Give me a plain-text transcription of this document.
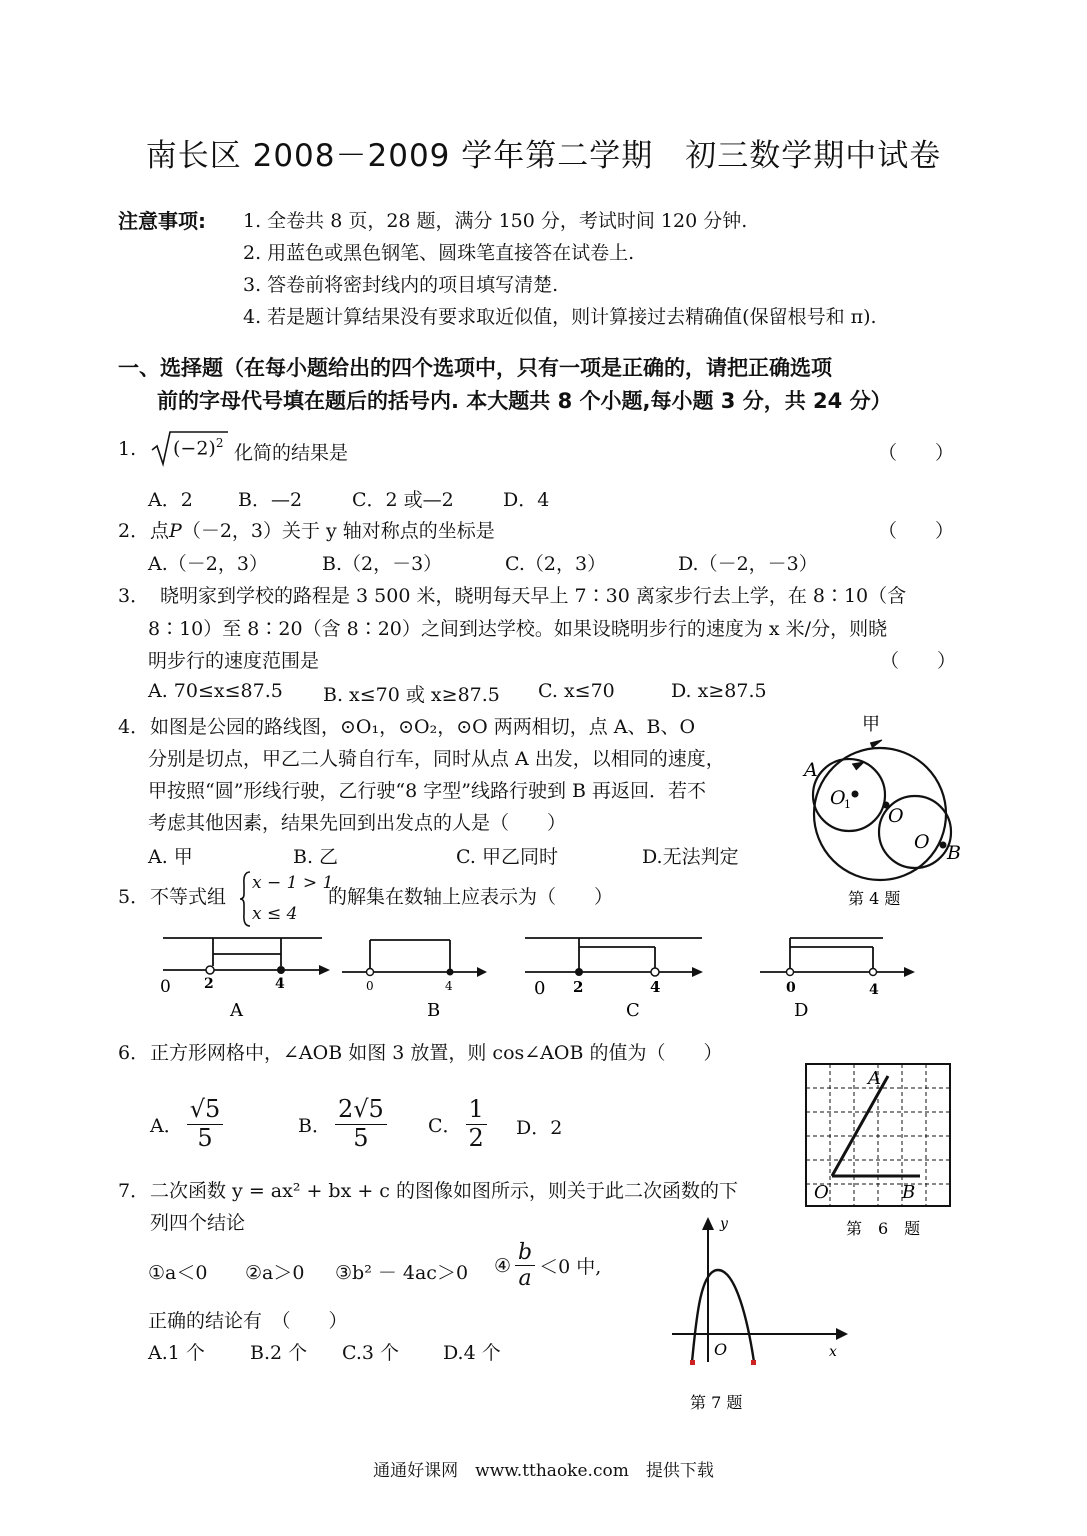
南长区 2008－2009 学年第二学期　初三数学期中试卷
注意事项: 1. 全卷共 8 页，28 题，满分 150 分，考试时间 120 分钟.
2. 用蓝色或黑色钢笔、圆珠笔直接答在试卷上.
3. 答卷前将密封线内的项目填写清楚.
4. 若是题计算结果没有要求取近似值，则计算接过去精确值(保留根号和 π).
一、选择题（在每小题给出的四个选项中，只有一项是正确的，请把正确选项
前的字母代号填在题后的括号内. 本大题共 8 个小题,每小题 3 分，共 24 分）
1. $(-2)^2$ 化简的结果是	（　　）
A．2 B．—2	C．2 或—2	D．4
2． 点P（－2，3）关于 y 轴对称点的坐标是	（　　）
A.（－2，3）	B.（2，－3）	C.（2，3）	D.（－2，－3）
3． 晓明家到学校的路程是 3 500 米，晓明每天早上 7∶30 离家步行去上学，在 8∶10（含
8∶10）至 8∶20（含 8∶20）之间到达学校。如果设晓明步行的速度为 x 米/分，则晓
明步行的速度范围是	（　　）
A. 70≤x≤87.5 B. x≤70 或 x≥87.5 C. x≤70	D. x≥87.5
4． 如图是公园的路线图，⊙O₁，⊙O₂，⊙O 两两相切，点 A、B、O
分别是切点，甲乙二人骑自行车，同时从点 A 出发，以相同的速度，
甲按照“圆”形线行驶，乙行驶“8 字型”线路行驶到 B 再返回．若不
考虑其他因素，结果先回到出发点的人是（　　）
A. 甲	B. 乙	C. 甲乙同时	D.无法判定
甲
A
O
1
O
O B
第 4 题
5． 不等式组
x − 1 > 1,
x ≤ 4
的解集在数轴上应表示为（　　）
0 2	4
A
0	4
B
0 2	4
C
0	4
D
6． 正方形网格中，∠AOB 如图 3 放置，则 cos∠AOB 的值为（　　）
A． $\frac{√5}{5}$	B． $\frac{2√5}{5}$ C． $\frac{1}{2}$ D．2
A
O	B
第　6　题
7． 二次函数 y = ax² + bx + c 的图像如图所示，则关于此二次函数的下
列四个结论
①a＜0 ②a＞0 ③b² － 4ac＞0 ④ $\frac{b}{a} <0$ 中,
正确的结论有　（　　）
A.1 个 B.2 个 C.3 个 D.4 个
y
x
O
第 7 题
通通好课网　www.tthaoke.com　提供下载
